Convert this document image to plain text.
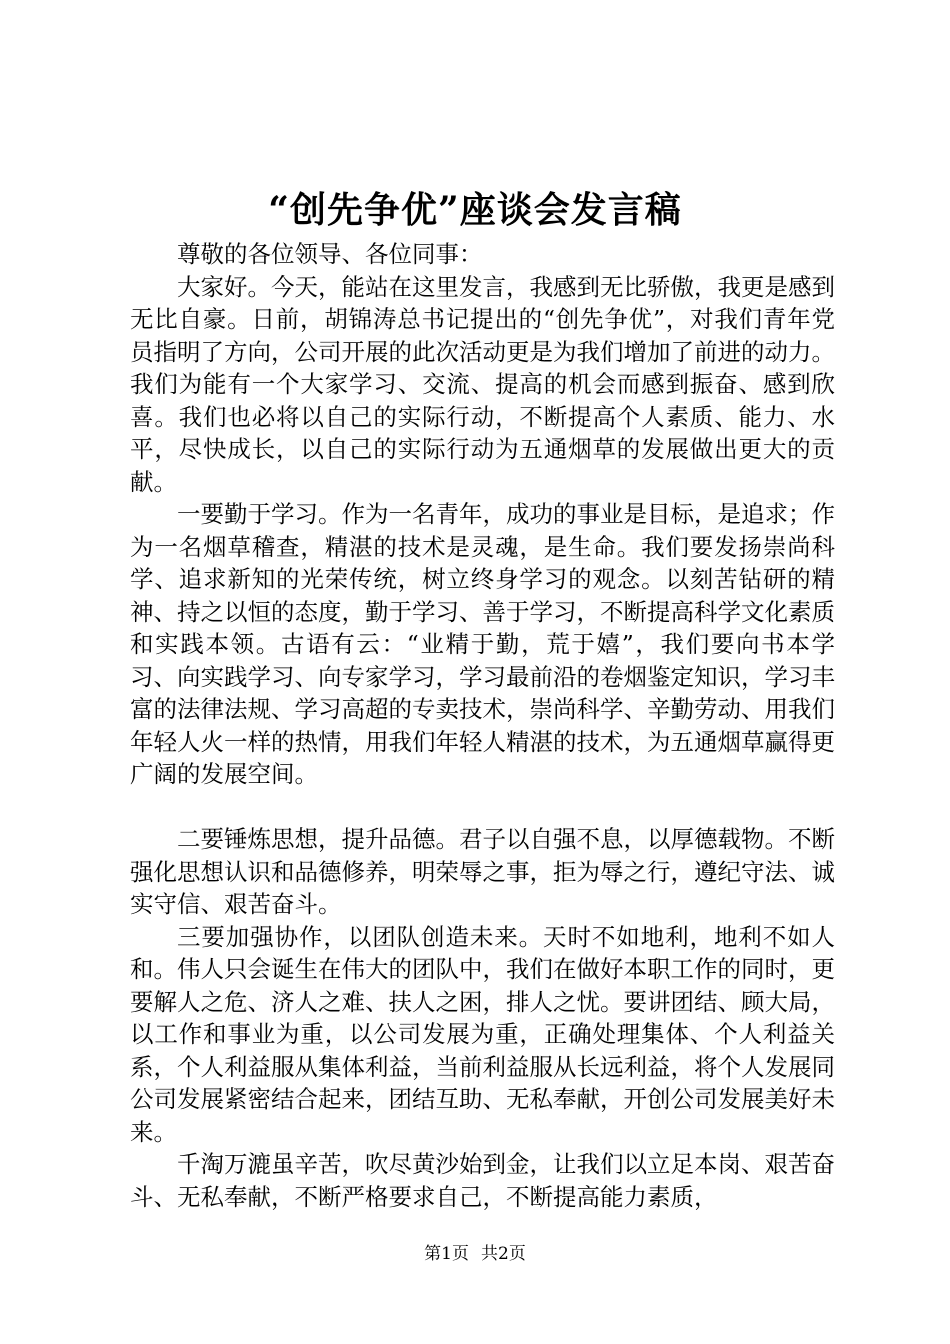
“创先争优”座谈会发言稿

尊敬的各位领导、各位同事：

大家好。今天，能站在这里发言，我感到无比骄傲，我更是感到无比自豪。日前，胡锦涛总书记提出的“创先争优”，对我们青年党员指明了方向，公司开展的此次活动更是为我们增加了前进的动力。我们为能有一个大家学习、交流、提高的机会而感到振奋、感到欣喜。我们也必将以自己的实际行动，不断提高个人素质、能力、水平，尽快成长，以自己的实际行动为五通烟草的发展做出更大的贡献。

一要勤于学习。作为一名青年，成功的事业是目标，是追求；作为一名烟草稽查，精湛的技术是灵魂，是生命。我们要发扬崇尚科学、追求新知的光荣传统，树立终身学习的观念。以刻苦钻研的精神、持之以恒的态度，勤于学习、善于学习，不断提高科学文化素质和实践本领。古语有云：“业精于勤，荒于嬉”，我们要向书本学习、向实践学习、向专家学习，学习最前沿的卷烟鉴定知识，学习丰富的法律法规、学习高超的专卖技术，崇尚科学、辛勤劳动、用我们年轻人火一样的热情，用我们年轻人精湛的技术，为五通烟草赢得更广阔的发展空间。

二要锤炼思想，提升品德。君子以自强不息，以厚德载物。不断强化思想认识和品德修养，明荣辱之事，拒为辱之行，遵纪守法、诚实守信、艰苦奋斗。

三要加强协作，以团队创造未来。天时不如地利，地利不如人和。伟人只会诞生在伟大的团队中，我们在做好本职工作的同时，更要解人之危、济人之难、扶人之困，排人之忧。要讲团结、顾大局，以工作和事业为重，以公司发展为重，正确处理集体、个人利益关系，个人利益服从集体利益，当前利益服从长远利益，将个人发展同公司发展紧密结合起来，团结互助、无私奉献，开创公司发展美好未来。

千淘万漉虽辛苦，吹尽黄沙始到金，让我们以立足本岗、艰苦奋斗、无私奉献，不断严格要求自己，不断提高能力素质，

第1页 共2页
